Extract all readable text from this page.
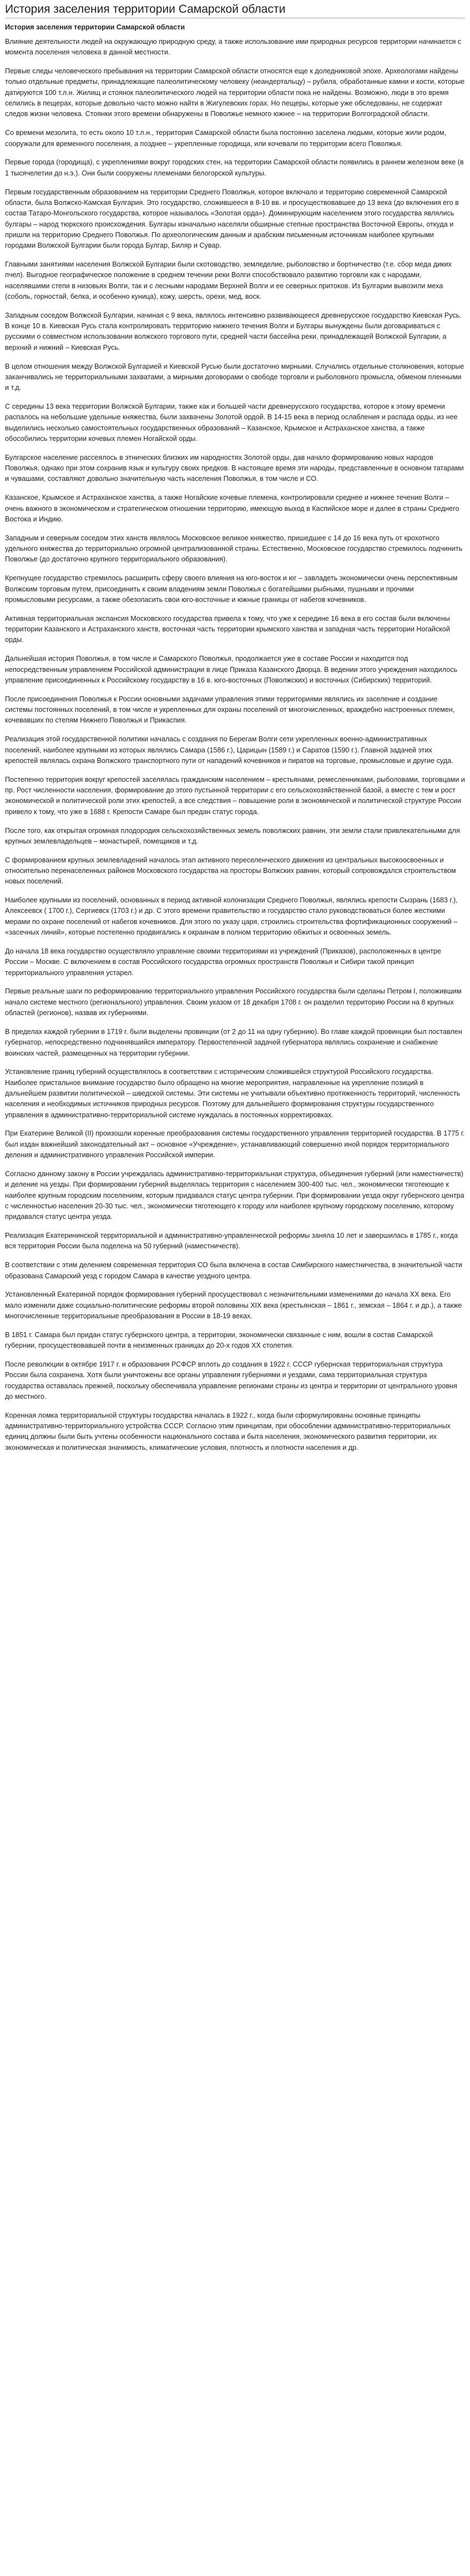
История заселения территории Самарской области
История заселения территории Самарской области

Влияние деятельности людей на окружающую природную среду, а также использование ими природных ресурсов территории начинается с момента поселения человека в данной местности.

Первые следы человеческого пребывания на территории Самарской области относятся еще к доледниковой эпохе. Археологами найдены только отдельные предметы, принадлежащие палеолитическому человеку (неандертальцу) – рубила, обработанные камни и кости, которые датируются 100 т.л.н. Жилищ и стоянок палеолитического людей на территории области пока не найдены. Возможно, люди в это время селились в пещерах, которые довольно часто можно найти в Жигулевских горах. Но пещеры, которые уже обследованы, не содержат следов жизни человека. Стоянки этого времени обнаружены в Поволжье немного южнее – на территории Волгоградской области.

Со времени мезолита, то есть около 10 т.л.н., территория Самарской области была постоянно заселена людьми, которые жили родом, сооружали для временного поселения, а позднее – укрепленные городища, или кочевали по территории всего Поволжья.

Первые города (городища), с укреплениями вокруг городских стен, на территории Самарской области появились в раннем железном веке (в 1 тысячелетии до н.э.). Они были сооружены племенами белогорской культуры.

Первым государственным образованием на территории Среднего Поволжья, которое включало и территорию современной Самарской области, была Волжско-Камская Булгария. Это государство, сложившееся в 8-10 вв. и просуществовавшее до 13 века (до включения его в состав Татаро-Монгольского государства, которое называлось «Золотая орда»). Доминирующим населением этого государства являлись булгары – народ тюркского происхождения. Булгары изначально населяли обширные степные пространства Восточной Европы, откуда и пришли на территорию Среднего Поволжья. По археологическим данным и арабским письменным источникам наиболее крупными городами Волжской Булгарии были города Булгар, Биляр и Сувар.

Главными занятиями населения Волжской Булгарии были скотоводство, земледелие, рыболовство и бортничество (т.е. сбор меда диких пчел). Выгодное географическое положение в среднем течении реки Волги способствовало развитию торговли как с народами, населявшими степи в низовьях Волги, так и с лесными народами Верхней Волги и ее северных притоков. Из Булгарии вывозили меха (соболь, горностай, белка, и особенно куница), кожу, шерсть, орехи, мед, воск.

Западным соседом Волжской Булгарии, начиная с 9 века, являлось интенсивно развивающееся древнерусское государство Киевская Русь. В конце 10 в. Киевская Русь стала контролировать территорию нижнего течения Волги и Булгары вынуждены были договариваться с русскими о совместном использовании волжского торгового пути, средней части бассейна реки, принадлежащей Волжской Булгарии, а верхний и нижний – Киевская Русь.

В целом отношения между Волжской Булгарией и Киевской Русью были достаточно мирными. Случались отдельные столкновения, которые заканчивались не территориальными захватами, а мирными договорами о свободе торговли и рыболовного промысла, обменом пленными и т.д.

С середины 13 века территории Волжской Булгарии, также как и большей части древнерусского государства, которое к этому времени распалось на небольшие удельные княжества, были захвачены Золотой ордой. В 14-15 века в период ослабления и распада орды, из нее выделились несколько самостоятельных государственных образований – Казанское, Крымское и Астраханское ханства, а также обособились территории кочевых племен Ногайской орды.

Булгарское население рассеялось в этнических близких им народностях Золотой орды, дав начало формированию новых народов Поволжья, однако при этом сохранив язык и культуру своих предков. В настоящее время эти народы, представленные в основном татарами и чувашами, составляют довольно значительную часть населения Поволжья, в том числе и СО.

Казанское, Крымское и Астраханское ханства, а также Ногайские кочевые племена, контролировали среднее и нижнее течение Волги – очень важного в экономическом и стратегическом отношении территорию, имеющую выход в Каспийское море и далее в страны Среднего Востока и Индию.

Западным и северным соседом этих ханств являлось Московское великое княжество, пришедшее с 14 до 16 века путь от крохотного удельного княжества до территориально огромной централизованной страны. Естественно, Московское государство стремилось подчинить Поволжье (до достаточно крупного территориального образования).

Крепнущее государство стремилось расширить сферу своего влияния на юго-восток и юг – завладеть экономически очень перспективным Волжским торговым путем, присоединить к своим владениям земли Поволжья с богатейшими рыбными, пушными и прочими промысловыми ресурсами, а также обезопасить свои юго-восточные и южные границы от набегов кочевников.

Активная территориальная экспансия Московского государства привела к тому, что уже к середине 16 века в его состав были включены территории Казанского и Астраханского ханств, восточная часть территории крымского ханства и западная часть территории Ногайской орды.

Дальнейшая история Поволжья, в том числе и Самарского Поволжья, продолжается уже в составе России и находится под непосредственным управлением Российской администрации в лице Приказа Казанского Дворца. В ведении этого учреждения находилось управление присоединенных к Российскому государству в 16 в. юго-восточных (Поволжских) и восточных (Сибирских) территорий.

После присоединения Поволжья к России основными задачами управления этими территориями являлись их заселение и создание системы постоянных поселений, в том числе и укрепленных для охраны поселений от многочисленных, враждебно настроенных племен, кочевавших по степям Нижнего Поволжья и Прикаспия.

Реализация этой государственной политики началась с создания по Берегам Волги сети укрепленных военно-административных поселений, наиболее крупными из которых являлись Самара (1586 г.), Царицын (1589 г.) и Саратов (1590 г.). Главной задачей этих крепостей являлась охрана Волжского транспортного пути от нападений кочевников и пиратов на торговые, промысловые и другие суда.

Постепенно территория вокруг крепостей заселялась гражданским населением – крестьянами, ремесленниками, рыболовами, торговцами и пр. Рост численности населения, формирование до этого пустынной территории с его сельскохозяйственной базой, а вместе с тем и рост экономической и политической роли этих крепостей, а все следствия – повышение роли в экономической и политической структуре России привело к тому, что уже в 1688 г. Крепости Самаре был предан статус города.

После того, как открытая огромная плодородия сельскохозяйственных земель поволжских равнин, эти земли стали привлекательными для крупных землевладельцев – монастырей, помещиков и т.д.

С формированием крупных землевладений началось этап активного переселенческого движения из центральных высокоосвоенных и относительно перенаселенных районов Московского государства на просторы Волжских равнин, который сопровождался строительством новых поселений.

Наиболее крупными из поселений, основанных в период активной колонизации Среднего Поволжья, являлись крепости Сызрань (1683 г.), Алексеевск ( 1700 г.), Сергиевск (1703 г.) и др. С этого времени правительство и государство стало руководствоваться более жесткими мерами по охране поселений от набегов кочевников. Для этого по указу царя, строились строительства фортификационных сооружений – «засечных линий», которые постепенно продвигались к окраинам в полном территорию обжитых и освоенных земель.

До начала 18 века государство осуществляло управление своими территориями из учреждений (Приказов), расположенных в центре России – Москве. С включением в состав Российского государства огромных пространств Поволжья и Сибири такой принцип территориального управления устарел.

Первые реальные шаги по реформированию территориального управления Российского государства были сделаны Петром I, положившим начало системе местного (регионального) управления. Своим указом от 18 декабря 1708 г. он разделил территорию России на 8 крупных областей (регионов), назвав их губерниями.

В пределах каждой губернии в 1719 г. были выделены провинции (от 2 до 11 на одну губернию). Во главе каждой провинции был поставлен губернатор, непосредственно подчинявшийся императору. Первостепенной задачей губернатора являлись сохранение и снабжение воинских частей, размещенных на территории губернии.

Установление границ губерний осуществлялось в соответствии с историческим сложившейся структурой Российского государства. Наиболее пристальное внимание государство было обращено на многие мероприятия, направленные на укрепление позиций в дальнейшем развитии политической – шведской системы. Эти системы не учитывали объективно протяженность территорий, численность населения и необходимых источников природных ресурсов. Поэтому для дальнейшего формирования структуры государственного управления в административно-территориальной системе нуждалась в постоянных корректировках.

При Екатерине Великой (II) произошли коренные преобразования системы государственного управления территорией государства. В 1775 г. был издан важнейший законодательный акт – основное «Учреждение», устанавливающий совершенно иной порядок территориального деления и административного управления Российской империи.

Согласно данному закону в России учреждалась административно-территориальная структура, объединения губерний (или наместничеств) и деление на уезды. При формировании губерний выделялась территория с населением 300-400 тыс. чел., экономически тяготеющие к наиболее крупным городским поселениям, которым придавался статус центра губернии. При формировании уезда округ губернского центра с численностью населения 20-30 тыс. чел., экономически тяготеющего к городу или наиболее крупному городскому поселению, которому придавался статус центра уезда.

Реализация Екатерининской территориальной и административно-управленческой реформы заняла 10 лет и завершилась в 1785 г., когда вся территория России была поделена на 50 губерний (наместничеств).

В соответствии с этим делением современная территория СО была включена в состав Симбирского наместничества, в значительной части образована Самарский уезд с городом Самара в качестве уездного центра.

Установленный Екатериной порядок формирования губерний просуществовал с незначительными изменениями до начала XX века. Его мало изменили даже социально-политические реформы второй половины XIX века (крестьянская – 1861 г., земская – 1864 г. и др.), а также многочисленные территориальные преобразования в России в 18-19 веках.

В 1851 г. Самара был придан статус губернского центра, а территории, экономически связанные с ним, вошли в состав Самарской губернии, просуществовавшей почти в неизменных границах до 20-х годов XX столетия.

После революции в октябре 1917 г. и образования РСФСР вплоть до создания в 1922 г. СССР губернская территориальная структура России была сохранена. Хотя были уничтожены все органы управления губерниями и уездами, сама территориальная структура государства оставалась прежней, поскольку обеспечивала управление регионами страны из центра и территории от центрального уровня до местного.

Коренная ломка территориальной структуры государства началась в 1922 г., когда были сформулированы основные принципы административно-территориального устройства СССР. Согласно этим принципам, при обособлении административно-территориальных единиц должны были быть учтены особенности национального состава и быта населения, экономического развития территории, их экономическая и политическая значимость, климатические условия, плотность и плотности населения и др.
